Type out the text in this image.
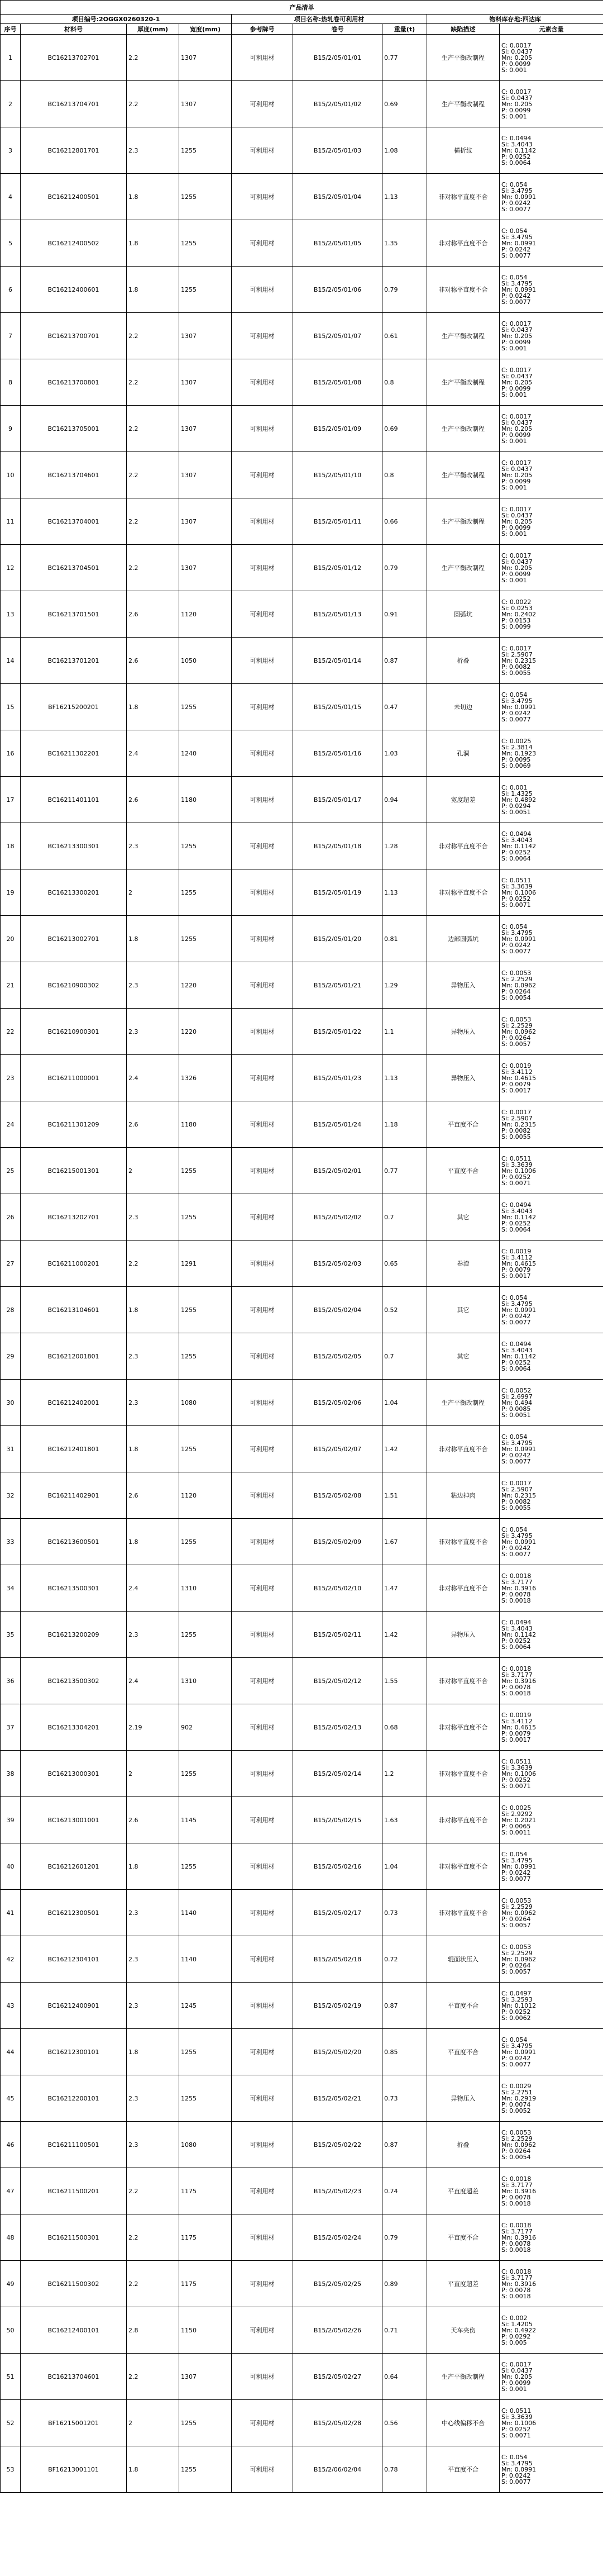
产品清单								
项目编号:2OGGX0260320-1				项目名称:热轧卷可利用材			物料库存地:四达库	
序号	材料号	厚度(mm)	宽度(mm)	参考牌号	卷号	重量(t)	缺陷描述	元素含量
1	BC16213702701	2.2	1307	可利用材	B15/2/05/01/01	0.77	生产平衡改制程	C: 0.0017
Si: 0.0437
Mn: 0.205
P: 0.0099
S: 0.001

2	BC16213704701	2.2	1307	可利用材	B15/2/05/01/02	0.69	生产平衡改制程	C: 0.0017
Si: 0.0437
Mn: 0.205
P: 0.0099
S: 0.001

3	BC16212801701	2.3	1255	可利用材	B15/2/05/01/03	1.08	横折纹	C: 0.0494
Si: 3.4043
Mn: 0.1142
P: 0.0252
S: 0.0064

4	BC16212400501	1.8	1255	可利用材	B15/2/05/01/04	1.13	非对称平直度不合	C: 0.054
Si: 3.4795
Mn: 0.0991
P: 0.0242
S: 0.0077

5	BC16212400502	1.8	1255	可利用材	B15/2/05/01/05	1.35	非对称平直度不合	C: 0.054
Si: 3.4795
Mn: 0.0991
P: 0.0242
S: 0.0077

6	BC16212400601	1.8	1255	可利用材	B15/2/05/01/06	0.79	非对称平直度不合	C: 0.054
Si: 3.4795
Mn: 0.0991
P: 0.0242
S: 0.0077

7	BC16213700701	2.2	1307	可利用材	B15/2/05/01/07	0.61	生产平衡改制程	C: 0.0017
Si: 0.0437
Mn: 0.205
P: 0.0099
S: 0.001

8	BC16213700801	2.2	1307	可利用材	B15/2/05/01/08	0.8	生产平衡改制程	C: 0.0017
Si: 0.0437
Mn: 0.205
P: 0.0099
S: 0.001

9	BC16213705001	2.2	1307	可利用材	B15/2/05/01/09	0.69	生产平衡改制程	C: 0.0017
Si: 0.0437
Mn: 0.205
P: 0.0099
S: 0.001

10	BC16213704601	2.2	1307	可利用材	B15/2/05/01/10	0.8	生产平衡改制程	C: 0.0017
Si: 0.0437
Mn: 0.205
P: 0.0099
S: 0.001

11	BC16213704001	2.2	1307	可利用材	B15/2/05/01/11	0.66	生产平衡改制程	C: 0.0017
Si: 0.0437
Mn: 0.205
P: 0.0099
S: 0.001

12	BC16213704501	2.2	1307	可利用材	B15/2/05/01/12	0.79	生产平衡改制程	C: 0.0017
Si: 0.0437
Mn: 0.205
P: 0.0099
S: 0.001

13	BC16213701501	2.6	1120	可利用材	B15/2/05/01/13	0.91	圆弧坑	C: 0.0022
Si: 0.0253
Mn: 0.2402
P: 0.0153
S: 0.0099

14	BC16213701201	2.6	1050	可利用材	B15/2/05/01/14	0.87	折叠	C: 0.0017
Si: 2.5907
Mn: 0.2315
P: 0.0082
S: 0.0055

15	BF16215200201	1.8	1255	可利用材	B15/2/05/01/15	0.47	未切边	C: 0.054
Si: 3.4795
Mn: 0.0991
P: 0.0242
S: 0.0077

16	BC16211302201	2.4	1240	可利用材	B15/2/05/01/16	1.03	孔洞	C: 0.0025
Si: 2.3814
Mn: 0.1923
P: 0.0095
S: 0.0069

17	BC16211401101	2.6	1180	可利用材	B15/2/05/01/17	0.94	宽度超差	C: 0.001
Si: 1.4325
Mn: 0.4892
P: 0.0294
S: 0.0051

18	BC16213300301	2.3	1255	可利用材	B15/2/05/01/18	1.28	非对称平直度不合	C: 0.0494
Si: 3.4043
Mn: 0.1142
P: 0.0252
S: 0.0064

19	BC16213300201	2	1255	可利用材	B15/2/05/01/19	1.13	非对称平直度不合	C: 0.0511
Si: 3.3639
Mn: 0.1006
P: 0.0252
S: 0.0071

20	BC16213002701	1.8	1255	可利用材	B15/2/05/01/20	0.81	边部圆弧坑	C: 0.054
Si: 3.4795
Mn: 0.0991
P: 0.0242
S: 0.0077

21	BC16210900302	2.3	1220	可利用材	B15/2/05/01/21	1.29	异物压入	C: 0.0053
Si: 2.2529
Mn: 0.0962
P: 0.0264
S: 0.0054

22	BC16210900301	2.3	1220	可利用材	B15/2/05/01/22	1.1	异物压入	C: 0.0053
Si: 2.2529
Mn: 0.0962
P: 0.0264
S: 0.0057

23	BC16211000001	2.4	1326	可利用材	B15/2/05/01/23	1.13	异物压入	C: 0.0019
Si: 3.4112
Mn: 0.4615
P: 0.0079
S: 0.0017

24	BC16211301209	2.6	1180	可利用材	B15/2/05/01/24	1.18	平直度不合	C: 0.0017
Si: 2.5907
Mn: 0.2315
P: 0.0082
S: 0.0055

25	BC16215001301	2	1255	可利用材	B15/2/05/02/01	0.77	平直度不合	C: 0.0511
Si: 3.3639
Mn: 0.1006
P: 0.0252
S: 0.0071

26	BC16213202701	2.3	1255	可利用材	B15/2/05/02/02	0.7	其它	C: 0.0494
Si: 3.4043
Mn: 0.1142
P: 0.0252
S: 0.0064

27	BC16211000201	2.2	1291	可利用材	B15/2/05/02/03	0.65	卷渣	C: 0.0019
Si: 3.4112
Mn: 0.4615
P: 0.0079
S: 0.0017

28	BC16213104601	1.8	1255	可利用材	B15/2/05/02/04	0.52	其它	C: 0.054
Si: 3.4795
Mn: 0.0991
P: 0.0242
S: 0.0077

29	BC16212001801	2.3	1255	可利用材	B15/2/05/02/05	0.7	其它	C: 0.0494
Si: 3.4043
Mn: 0.1142
P: 0.0252
S: 0.0064

30	BC16212402001	2.3	1080	可利用材	B15/2/05/02/06	1.04	生产平衡改制程	C: 0.0052
Si: 2.6997
Mn: 0.494
P: 0.0085
S: 0.0051

31	BC16212401801	1.8	1255	可利用材	B15/2/05/02/07	1.42	非对称平直度不合	C: 0.054
Si: 3.4795
Mn: 0.0991
P: 0.0242
S: 0.0077

32	BC16211402901	2.6	1120	可利用材	B15/2/05/02/08	1.51	粘边掉肉	C: 0.0017
Si: 2.5907
Mn: 0.2315
P: 0.0082
S: 0.0055

33	BC16213600501	1.8	1255	可利用材	B15/2/05/02/09	1.67	非对称平直度不合	C: 0.054
Si: 3.4795
Mn: 0.0991
P: 0.0242
S: 0.0077

34	BC16213500301	2.4	1310	可利用材	B15/2/05/02/10	1.47	非对称平直度不合	C: 0.0018
Si: 3.7177
Mn: 0.3916
P: 0.0078
S: 0.0018

35	BC16213200209	2.3	1255	可利用材	B15/2/05/02/11	1.42	异物压入	C: 0.0494
Si: 3.4043
Mn: 0.1142
P: 0.0252
S: 0.0064

36	BC16213500302	2.4	1310	可利用材	B15/2/05/02/12	1.55	非对称平直度不合	C: 0.0018
Si: 3.7177
Mn: 0.3916
P: 0.0078
S: 0.0018

37	BC16213304201	2.19	902	可利用材	B15/2/05/02/13	0.68	非对称平直度不合	C: 0.0019
Si: 3.4112
Mn: 0.4615
P: 0.0079
S: 0.0017

38	BC16213000301	2	1255	可利用材	B15/2/05/02/14	1.2	非对称平直度不合	C: 0.0511
Si: 3.3639
Mn: 0.1006
P: 0.0252
S: 0.0071

39	BC16213001001	2.6	1145	可利用材	B15/2/05/02/15	1.63	非对称平直度不合	C: 0.0025
Si: 2.9292
Mn: 0.2021
P: 0.0065
S: 0.0011

40	BC16212601201	1.8	1255	可利用材	B15/2/05/02/16	1.04	非对称平直度不合	C: 0.054
Si: 3.4795
Mn: 0.0991
P: 0.0242
S: 0.0077

41	BC16212300501	2.3	1140	可利用材	B15/2/05/02/17	0.73	非对称平直度不合	C: 0.0053
Si: 2.2529
Mn: 0.0962
P: 0.0264
S: 0.0057

42	BC16212304101	2.3	1140	可利用材	B15/2/05/02/18	0.72	辊面状压入	C: 0.0053
Si: 2.2529
Mn: 0.0962
P: 0.0264
S: 0.0057

43	BC16212400901	2.3	1245	可利用材	B15/2/05/02/19	0.87	平直度不合	C: 0.0497
Si: 3.2593
Mn: 0.1012
P: 0.0252
S: 0.0062

44	BC16212300101	1.8	1255	可利用材	B15/2/05/02/20	0.85	平直度不合	C: 0.054
Si: 3.4795
Mn: 0.0991
P: 0.0242
S: 0.0077

45	BC16212200101	2.3	1255	可利用材	B15/2/05/02/21	0.73	异物压入	C: 0.0029
Si: 2.2751
Mn: 0.2919
P: 0.0074
S: 0.0052

46	BC16211100501	2.3	1080	可利用材	B15/2/05/02/22	0.87	折叠	C: 0.0053
Si: 2.2529
Mn: 0.0962
P: 0.0264
S: 0.0054

47	BC16211500201	2.2	1175	可利用材	B15/2/05/02/23	0.74	平直度超差	C: 0.0018
Si: 3.7177
Mn: 0.3916
P: 0.0078
S: 0.0018

48	BC16211500301	2.2	1175	可利用材	B15/2/05/02/24	0.79	平直度不合	C: 0.0018
Si: 3.7177
Mn: 0.3916
P: 0.0078
S: 0.0018

49	BC16211500302	2.2	1175	可利用材	B15/2/05/02/25	0.89	平直度超差	C: 0.0018
Si: 3.7177
Mn: 0.3916
P: 0.0078
S: 0.0018

50	BC16212400101	2.8	1150	可利用材	B15/2/05/02/26	0.71	天车夹伤	C: 0.002
Si: 1.4205
Mn: 0.4922
P: 0.0292
S: 0.005

51	BC16213704601	2.2	1307	可利用材	B15/2/05/02/27	0.64	生产平衡改制程	C: 0.0017
Si: 0.0437
Mn: 0.205
P: 0.0099
S: 0.001

52	BF16215001201	2	1255	可利用材	B15/2/05/02/28	0.56	中心线偏移不合	C: 0.0511
Si: 3.3639
Mn: 0.1006
P: 0.0252
S: 0.0071

53	BF16213001101	1.8	1255	可利用材	B15/2/06/02/04	0.78	平直度不合	C: 0.054
Si: 3.4795
Mn: 0.0991
P: 0.0242
S: 0.0077
